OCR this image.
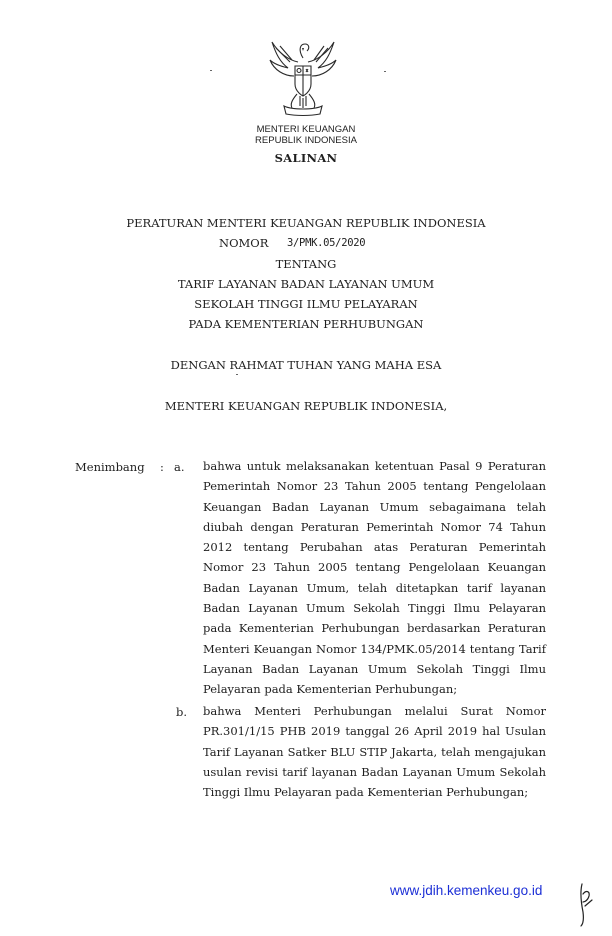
MENTERI KEUANGAN
REPUBLIK INDONESIA
SALINAN
PERATURAN MENTERI KEUANGAN REPUBLIK INDONESIA
NOMOR 3/PMK.05/2020
TENTANG
TARIF LAYANAN BADAN LAYANAN UMUM
SEKOLAH TINGGI ILMU PELAYARAN
PADA KEMENTERIAN PERHUBUNGAN
DENGAN RAHMAT TUHAN YANG MAHA ESA
MENTERI KEUANGAN REPUBLIK INDONESIA,
Menimbang : a. bahwa untuk melaksanakan ketentuan Pasal 9 Peraturan Pemerintah Nomor 23 Tahun 2005 tentang Pengelolaan Keuangan Badan Layanan Umum sebagaimana telah diubah dengan Peraturan Pemerintah Nomor 74 Tahun 2012 tentang Perubahan atas Peraturan Pemerintah Nomor 23 Tahun 2005 tentang Pengelolaan Keuangan Badan Layanan Umum, telah ditetapkan tarif layanan Badan Layanan Umum Sekolah Tinggi Ilmu Pelayaran pada Kementerian Perhubungan berdasarkan Peraturan Menteri Keuangan Nomor 134/PMK.05/2014 tentang Tarif Layanan Badan Layanan Umum Sekolah Tinggi Ilmu Pelayaran pada Kementerian Perhubungan;

b. bahwa Menteri Perhubungan melalui Surat Nomor PR.301/1/15 PHB 2019 tanggal 26 April 2019 hal Usulan Tarif Layanan Satker BLU STIP Jakarta, telah mengajukan usulan revisi tarif layanan Badan Layanan Umum Sekolah Tinggi Ilmu Pelayaran pada Kementerian Perhubungan;

www.jdih.kemenkeu.go.id
